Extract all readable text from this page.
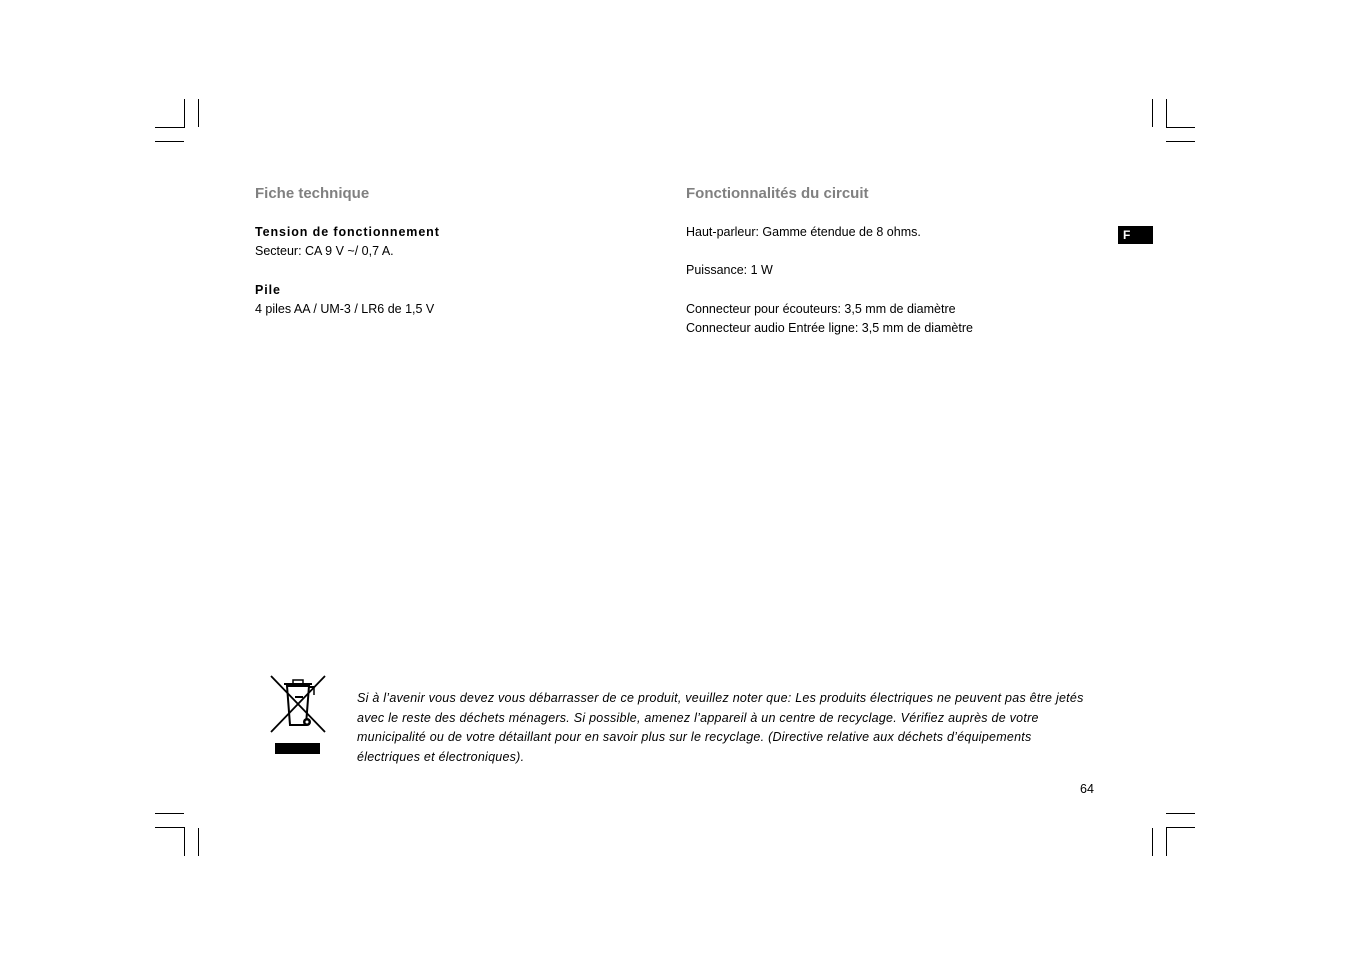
Fiche technique
Tension de fonctionnement
Secteur: CA 9 V ~/ 0,7 A.
Pile
4 piles AA / UM-3 / LR6 de 1,5 V
Fonctionnalités du circuit
Haut-parleur: Gamme étendue de 8 ohms.
Puissance: 1 W
Connecteur pour écouteurs: 3,5 mm de diamètre
Connecteur audio Entrée ligne: 3,5 mm de diamètre
F
Si à l’avenir vous devez vous débarrasser de ce produit, veuillez noter que: Les produits électriques ne peuvent pas être jetés avec le reste des déchets ménagers. Si possible, amenez l’appareil à un centre de recyclage. Vérifiez auprès de votre municipalité ou de votre détaillant pour en savoir plus sur le recyclage. (Directive relative aux déchets d’équipements électriques et électroniques).
64
